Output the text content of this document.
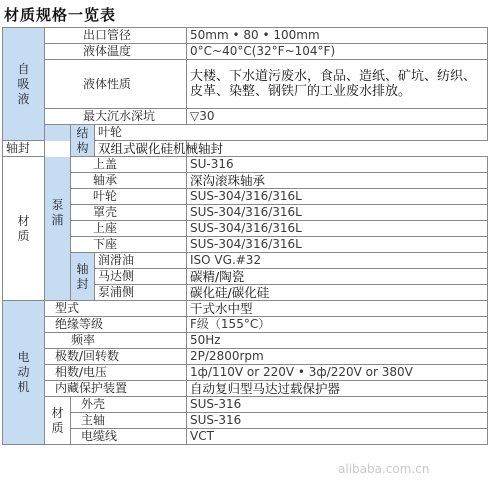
材质规格一览表
自吸液	出口管径			50mm • 80 • 100mm	
	液体温度			0°C~40°C(32°F~104°F)	
	液体性质			大楼、下水道污废水，食品、造纸、矿坑、纺织、皮革、染整、钢铁厂的工业废水排放。	
	最大沉水深坑			▽30	
	泵浦	结构	叶轮	
轴封			双组式碳化硅机械轴封		
材质		上盖		SU-316	
		轴承		深沟滚珠轴承	
		叶轮		SUS-304/316/316L	
		罩壳		SUS-304/316/316L	
		上座		SUS-304/316/316L	
		下座		SUS-304/316/316L	
		轴封	润滑油	ISO VG.#32	
			马达侧	碳精/陶瓷	
			泵浦侧	碳化硅/碳化硅	
电动机	型式			干式水中型	
	绝缘等级			F级（155°C）	
	频率			50Hz	
	极数/回转数			2P/2800rpm	
	相数/电压			1ф/110V or 220V • 3ф/220V or 380V	
	内藏保护装置			自动复归型马达过载保护器	
	材质	外壳		SUS-316	
		主轴		SUS-316	
		电缆线		VCT	
alibaba.com.cn
